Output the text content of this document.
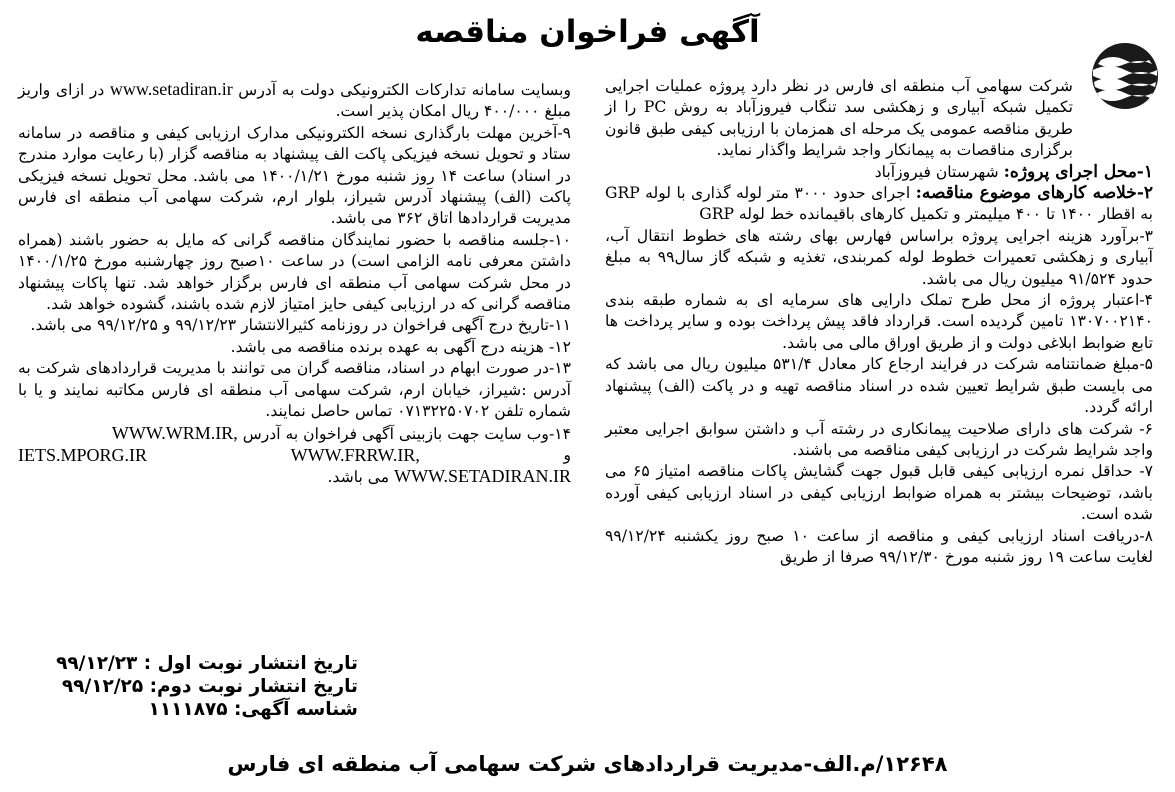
آگهی فراخوان مناقصه

شرکت سهامی آب منطقه ای فارس در نظر دارد پروژه عملیات اجرایی تکمیل شبکه آبیاری و زهکشی سد تنگاب فیروزآباد به روش PC را از طریق مناقصه عمومی یک مرحله ای همزمان با ارزیابی کیفی طبق قانون برگزاری مناقصات به پیمانکار واجد شرایط واگذار نماید.

۱-محل اجرای پروژه: شهرستان فیروزآباد

۲-خلاصه کارهای موضوع مناقصه: اجرای حدود ۳۰۰۰ متر لوله گذاری با لوله GRP به اقطار ۱۴۰۰ تا ۴۰۰ میلیمتر و تکمیل کارهای باقیمانده خط لوله GRP

۳-برآورد هزینه اجرایی پروژه براساس فهارس بهای رشته های خطوط انتقال آب، آبیاری و زهکشی تعمیرات خطوط لوله کمربندی، تغذیه و شبکه گاز سال۹۹ به مبلغ حدود ۹۱/۵۲۴ میلیون ریال می باشد.

۴-اعتبار پروژه از محل طرح تملک دارایی های سرمایه ای به شماره طبقه بندی ۱۳۰۷۰۰۲۱۴۰ تامین گردیده است. قرارداد فاقد پیش پرداخت بوده و سایر پرداخت ها تابع ضوابط ابلاغی دولت و از طریق اوراق مالی می باشد.

۵-مبلغ ضمانتنامه شرکت در فرایند ارجاع کار معادل ۵۳۱/۴ میلیون ریال می باشد که می بایست طبق شرایط تعیین شده در اسناد مناقصه تهیه و در پاکت (الف) پیشنهاد ارائه گردد.

۶- شرکت های دارای صلاحیت پیمانکاری در رشته آب و داشتن سوابق اجرایی معتبر واجد شرایط شرکت در ارزیابی کیفی مناقصه می باشند.

۷- حداقل نمره ارزیابی کیفی قابل قبول جهت گشایش پاکات مناقصه امتیاز ۶۵ می باشد، توضیحات بیشتر به همراه ضوابط ارزیابی کیفی در اسناد ارزیابی کیفی آورده شده است.

۸-دریافت اسناد ارزیابی کیفی و مناقصه از ساعت ۱۰ صبح روز یکشنبه ۹۹/۱۲/۲۴ لغایت ساعت ۱۹ روز شنبه مورخ ۹۹/۱۲/۳۰ صرفا از طریق

وبسایت سامانه تدارکات الکترونیکی دولت به آدرس www.setadiran.ir در ازای واریز مبلغ ۴۰۰/۰۰۰ ریال امکان پذیر است.

۹-آخرین مهلت بارگذاری نسخه الکترونیکی مدارک ارزیابی کیفی و مناقصه در سامانه ستاد و تحویل نسخه فیزیکی پاکت الف پیشنهاد به مناقصه گزار (با رعایت موارد مندرج در اسناد) ساعت ۱۴ روز شنبه مورخ ۱۴۰۰/۱/۲۱ می باشد. محل تحویل نسخه فیزیکی پاکت (الف) پیشنهاد آدرس شیراز، بلوار ارم، شرکت سهامی آب منطقه ای فارس مدیریت قراردادها اتاق ۳۶۲ می باشد.

۱۰-جلسه مناقصه با حضور نمایندگان مناقصه گرانی که مایل به حضور باشند (همراه داشتن معرفی نامه الزامی است) در ساعت ۱۰صبح روز چهارشنبه مورخ ۱۴۰۰/۱/۲۵ در محل شرکت سهامی آب منطقه ای فارس برگزار خواهد شد. تنها پاکات پیشنهاد مناقصه گرانی که در ارزیابی کیفی حایز امتیاز لازم شده باشند، گشوده خواهد شد.

۱۱-تاریخ درج آگهی فراخوان در روزنامه کثیرالانتشار ۹۹/۱۲/۲۳ و ۹۹/۱۲/۲۵ می باشد.

۱۲- هزینه درج آگهی به عهده برنده مناقصه می باشد.

۱۳-در صورت ابهام در اسناد، مناقصه گران می توانند با مدیریت قراردادهای شرکت به آدرس :شیراز، خیابان ارم، شرکت سهامی آب منطقه ای فارس مکاتبه نمایند و یا با شماره تلفن ۰۷۱۳۲۲۵۰۷۰۲ تماس حاصل نمایند.

۱۴-وب سایت جهت بازبینی آگهی فراخوان به آدرس WWW.WRM.IR,

IETS.MPORG.IR	WWW.FRRW.IR,	و

WWW.SETADIRAN.IR می باشد.

تاریخ انتشار نوبت اول : ۹۹/۱۲/۲۳
تاریخ انتشار نوبت دوم: ۹۹/۱۲/۲۵
شناسه آگهی: ۱۱۱۱۸۷۵
۱۲۶۴۸/م.الف-مدیریت قراردادهای شرکت سهامی آب منطقه ای فارس
